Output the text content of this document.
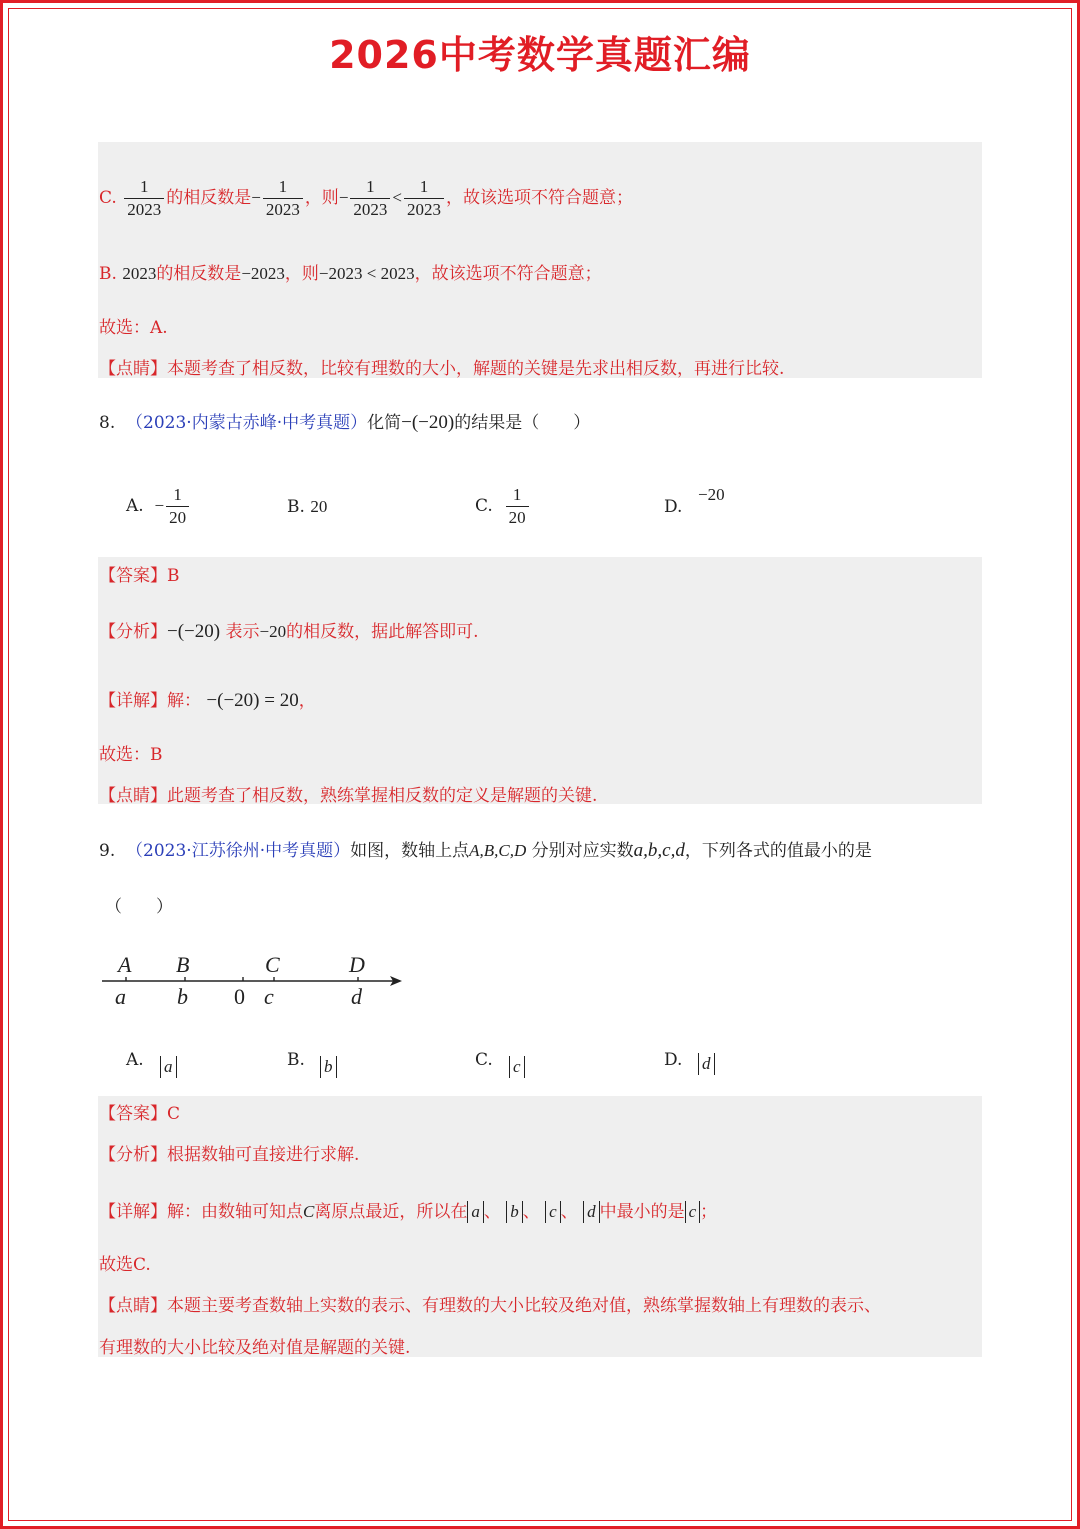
2026中考数学真题汇编
C. $\frac{1}{2023}$ 的相反数是− $\frac{1}{2023}$ ，则− $\frac{1}{2023} < \frac{1}{2023}$ ，故该选项不符合题意；
B. 2023的相反数是−2023，则−2023 < 2023，故该选项不符合题意；
故选：A.
【点睛】本题考查了相反数，比较有理数的大小，解题的关键是先求出相反数，再进行比较.
8. （2023·内蒙古赤峰·中考真题）化简−(−20)的结果是（　　）
A. − $\frac{1}{20}$	B. 20	C. $\frac{1}{20}$	D.
−20
【答案】B
【分析】−(−20) 表示−20的相反数，据此解答即可.
【详解】解： −(−20) = 20，
故选：B
【点睛】此题考查了相反数，熟练掌握相反数的定义是解题的关键.
9. （2023·江苏徐州·中考真题）如图，数轴上点A,B,C,D 分别对应实数a,b,c,d，下列各式的值最小的是
（　　）
A B	C	D
a b 0 c	d
A. a	B. b	C. c	D. d
【答案】C
【分析】根据数轴可直接进行求解.
【详解】解：由数轴可知点C离原点最近，所以在 a 、 b 、 c 、 d 中最小的是 c ；
故选C.
【点睛】本题主要考查数轴上实数的表示、有理数的大小比较及绝对值，熟练掌握数轴上有理数的表示、
有理数的大小比较及绝对值是解题的关键.
